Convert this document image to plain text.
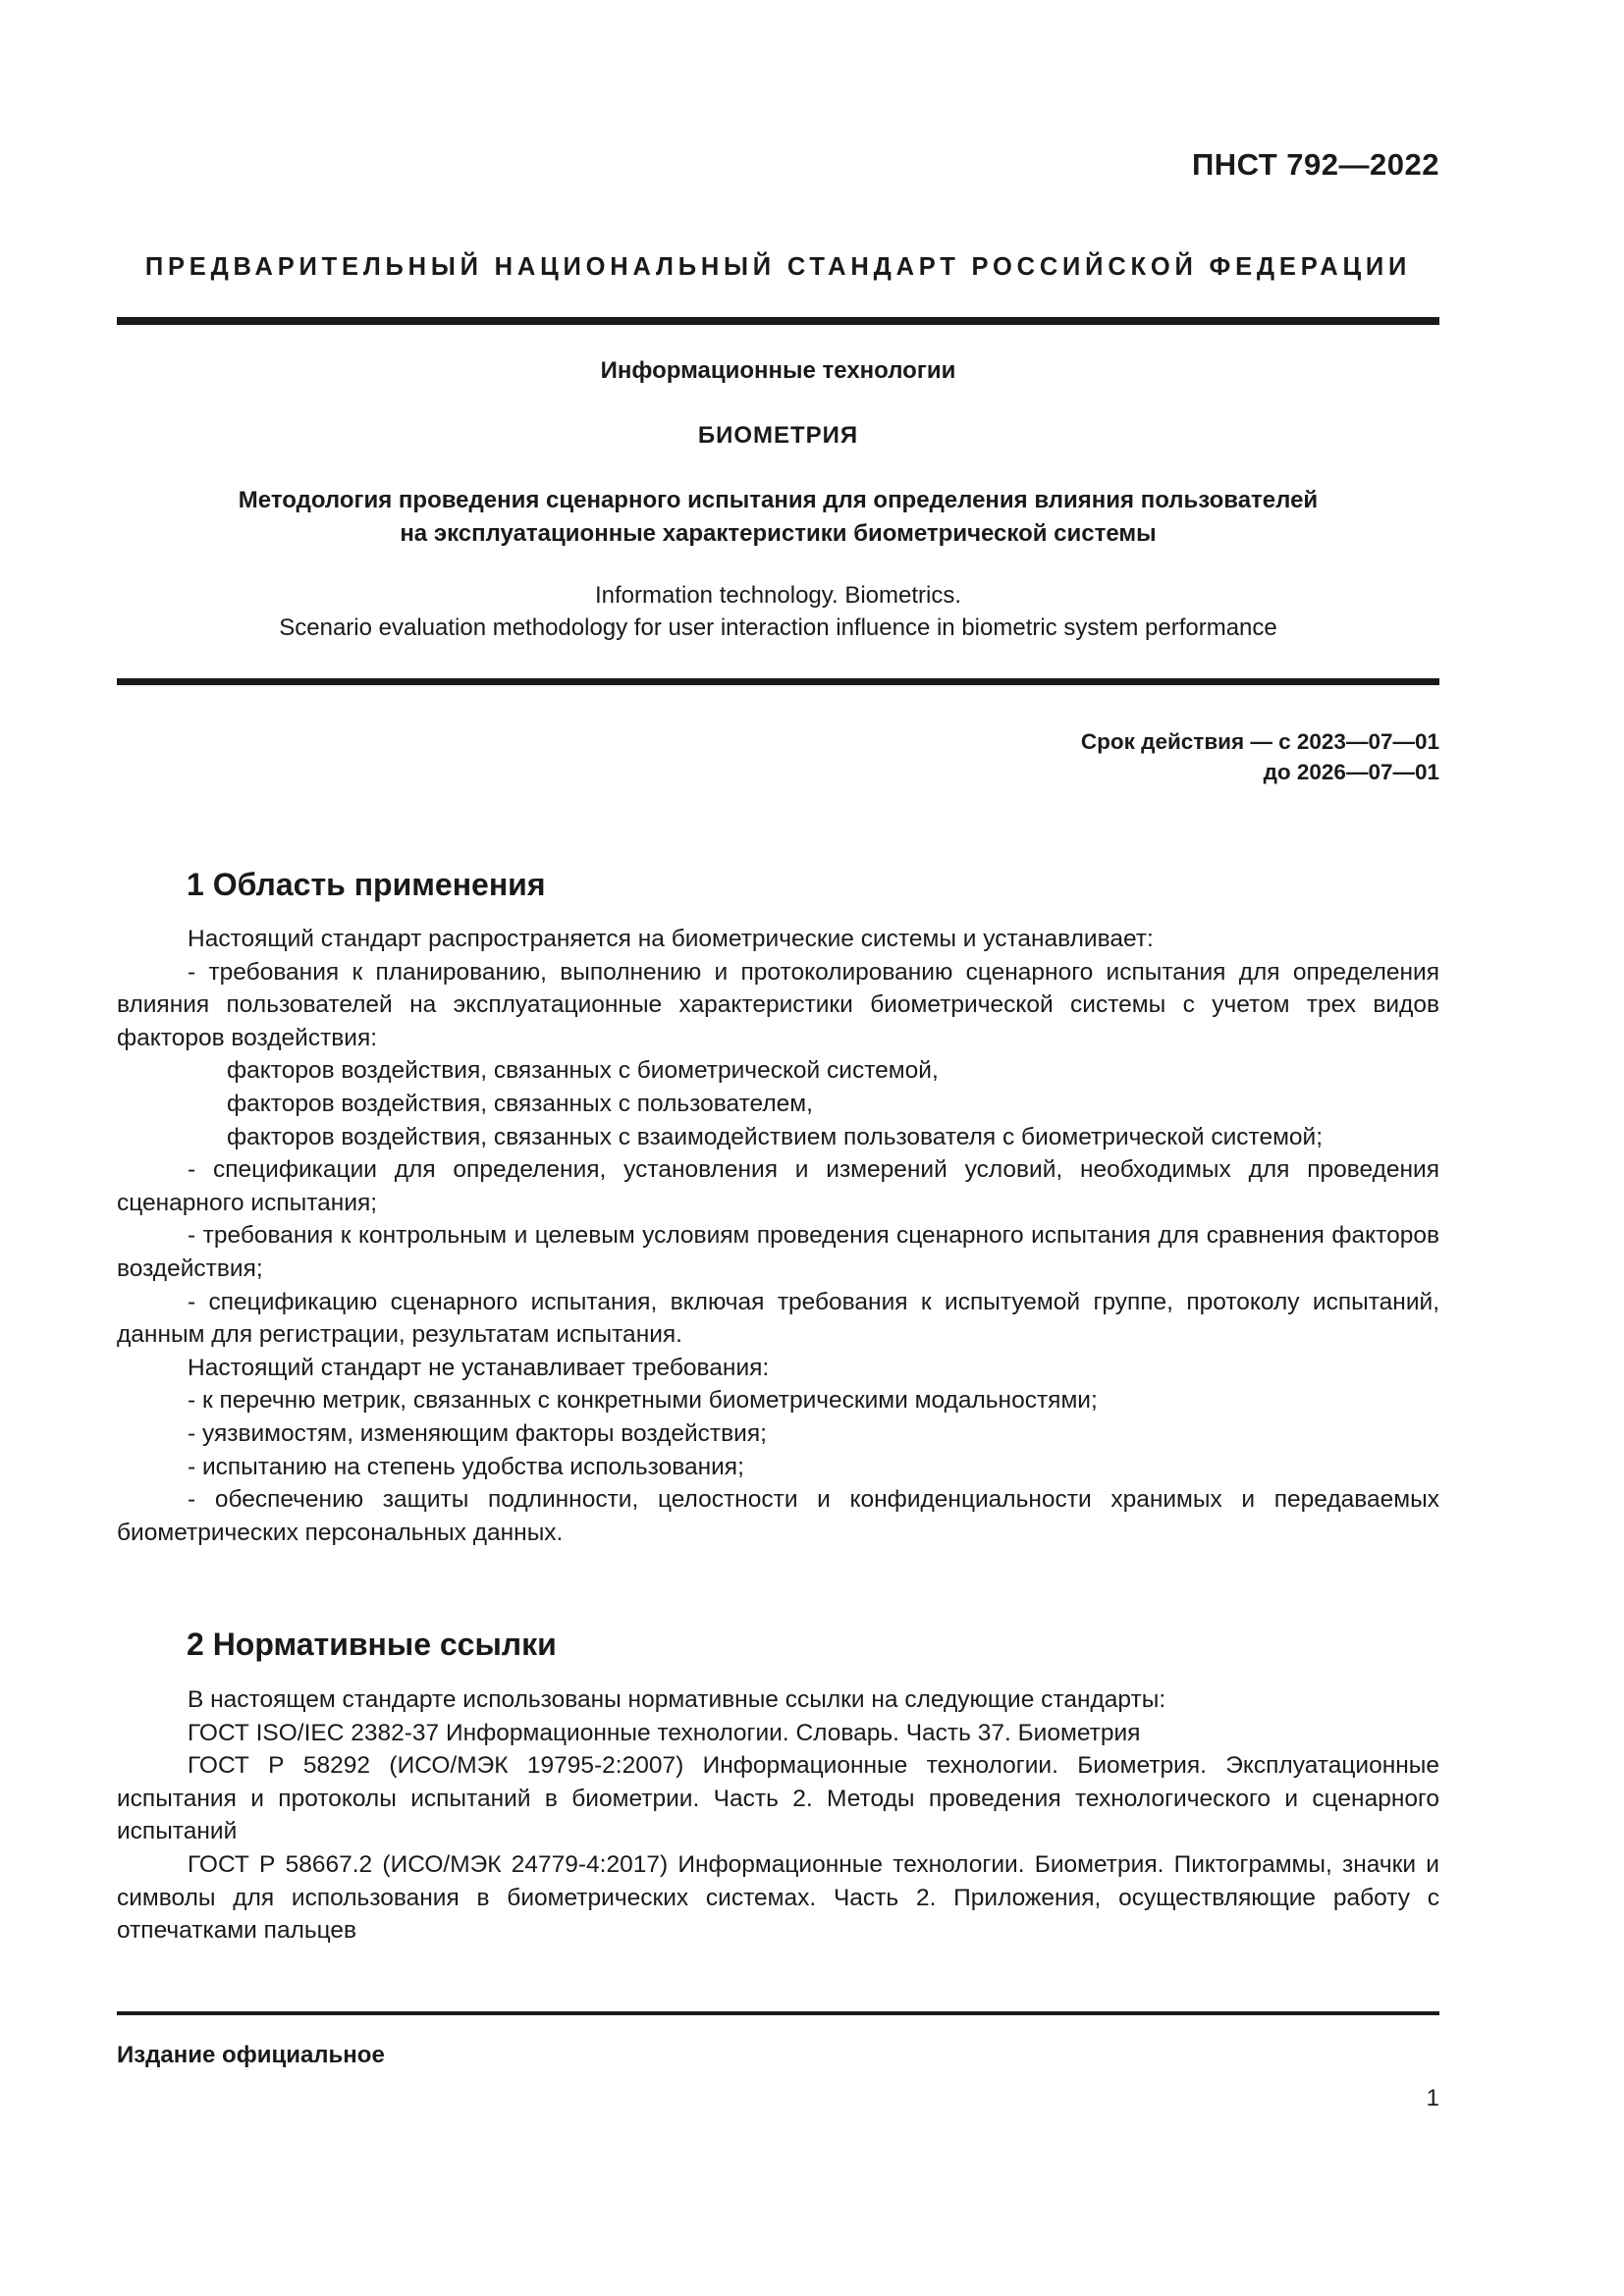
ПНСТ 792—2022
ПРЕДВАРИТЕЛЬНЫЙ НАЦИОНАЛЬНЫЙ СТАНДАРТ РОССИЙСКОЙ ФЕДЕРАЦИИ
Информационные технологии
БИОМЕТРИЯ
Методология проведения сценарного испытания для определения влияния пользователей
на эксплуатационные характеристики биометрической системы
Information technology. Biometrics.
Scenario evaluation methodology for user interaction influence in biometric system performance
Срок действия — с 2023—07—01
до 2026—07—01
1 Область применения

Настоящий стандарт распространяется на биометрические системы и устанавливает:

- требования к планированию, выполнению и протоколированию сценарного испытания для определения влияния пользователей на эксплуатационные характеристики биометрической системы с учетом трех видов факторов воздействия:

факторов воздействия, связанных с биометрической системой,

факторов воздействия, связанных с пользователем,

факторов воздействия, связанных с взаимодействием пользователя с биометрической системой;

- спецификации для определения, установления и измерений условий, необходимых для проведения сценарного испытания;

- требования к контрольным и целевым условиям проведения сценарного испытания для сравнения факторов воздействия;

- спецификацию сценарного испытания, включая требования к испытуемой группе, протоколу испытаний, данным для регистрации, результатам испытания.

Настоящий стандарт не устанавливает требования:

- к перечню метрик, связанных с конкретными биометрическими модальностями;

- уязвимостям, изменяющим факторы воздействия;

- испытанию на степень удобства использования;

- обеспечению защиты подлинности, целостности и конфиденциальности хранимых и передаваемых биометрических персональных данных.

2 Нормативные ссылки

В настоящем стандарте использованы нормативные ссылки на следующие стандарты:

ГОСТ ISO/IEC 2382-37 Информационные технологии. Словарь. Часть 37. Биометрия

ГОСТ Р 58292 (ИСО/МЭК 19795-2:2007) Информационные технологии. Биометрия. Эксплуатационные испытания и протоколы испытаний в биометрии. Часть 2. Методы проведения технологического и сценарного испытаний

ГОСТ Р 58667.2 (ИСО/МЭК 24779-4:2017) Информационные технологии. Биометрия. Пиктограммы, значки и символы для использования в биометрических системах. Часть 2. Приложения, осуществляющие работу с отпечатками пальцев

Издание официальное
1
